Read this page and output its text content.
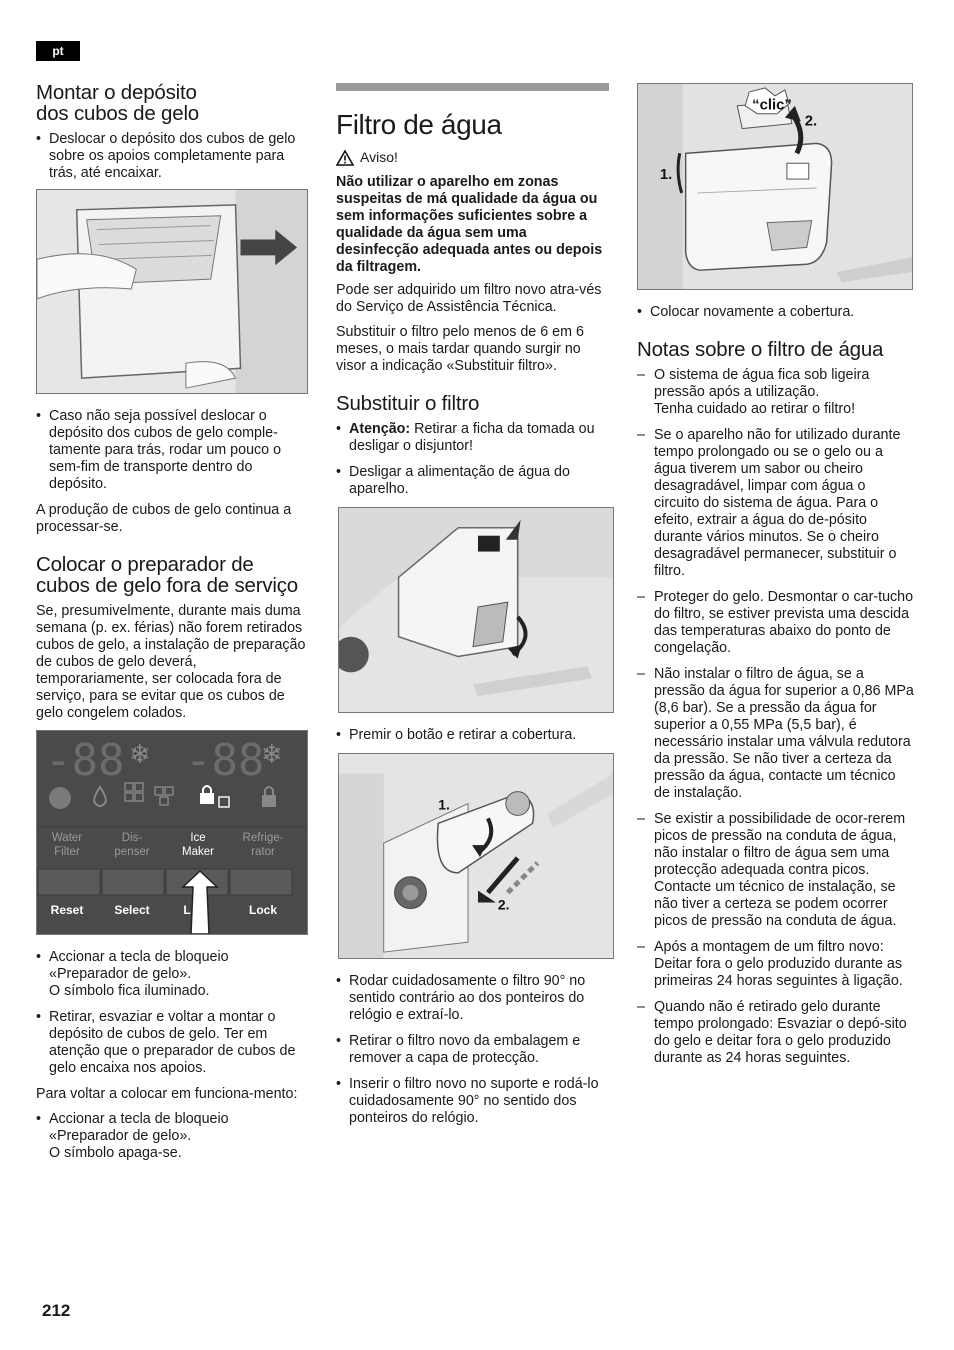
pt
Montar o depósito
dos cubos de gelo
• Deslocar o depósito dos cubos de gelo sobre os apoios completamente para trás, até encaixar.
• Caso não seja possível deslocar o depósito dos cubos de gelo comple-tamente para trás, rodar um pouco o sem-fim de transporte dentro do depósito.

A produção de cubos de gelo continua a processar-se.

Colocar o preparador de cubos de gelo fora de serviço

Se, presumivelmente, durante mais duma semana (p. ex. férias) não forem retirados cubos de gelo, a instalação de preparação de cubos de gelo deverá, temporariamente, ser colocada fora de serviço, para se evitar que os cubos de gelo congelem colados.

-88 ❄ -88
❄
Water
Filter
Dis-
penser
Ice
Maker
Refrige-
rator
Reset	Select	L	Lock
• Accionar a tecla de bloqueio «Preparador de gelo».
O símbolo fica iluminado.
• Retirar, esvaziar e voltar a montar o depósito de cubos de gelo. Ter em atenção que o preparador de cubos de gelo encaixa nos apoios.

Para voltar a colocar em funciona-mento:

• Accionar a tecla de bloqueio «Preparador de gelo».
O símbolo apaga-se.
Filtro de água
Aviso!

Não utilizar o aparelho em zonas suspeitas de má qualidade da água ou sem informações suficientes sobre a qualidade da água sem uma desinfecção adequada antes ou depois da filtragem.

Pode ser adquirido um filtro novo atra-vés do Serviço de Assistência Técnica.

Substituir o filtro pelo menos de 6 em 6 meses, o mais tardar quando surgir no visor a indicação «Substituir filtro».

Substituir o filtro
• Atenção: Retirar a ficha da tomada ou desligar o disjuntor!
• Desligar a alimentação de água do aparelho.
• Premir o botão e retirar a cobertura.
1.
2.
• Rodar cuidadosamente o filtro 90° no sentido contrário ao dos ponteiros do relógio e extraí-lo.
• Retirar o filtro novo da embalagem e remover a capa de protecção.
• Inserir o filtro novo no suporte e rodá-lo cuidadosamente 90° no sentido dos ponteiros do relógio.
“clic”
1.
2.
• Colocar novamente a cobertura.
Notas sobre o filtro de água
– O sistema de água fica sob ligeira pressão após a utilização.
Tenha cuidado ao retirar o filtro!
– Se o aparelho não for utilizado durante tempo prolongado ou se o gelo ou a água tiverem um sabor ou cheiro desagradável, limpar com água o circuito do sistema de água. Para o efeito, extrair a água do de-pósito durante vários minutos. Se o cheiro desagradável permanecer, substituir o filtro.
– Proteger do gelo. Desmontar o car-tucho do filtro, se estiver prevista uma descida das temperaturas abaixo do ponto de congelação.
– Não instalar o filtro de água, se a pressão da água for superior a 0,86 MPa (8,6 bar). Se a pressão da água for superior a 0,55 MPa (5,5 bar), é necessário instalar uma válvula redutora da pressão. Se não tiver a certeza da pressão da água, contacte um técnico de instalação.
– Se existir a possibilidade de ocor-rerem picos de pressão na conduta de água, não instalar o filtro de água sem uma protecção adequada contra picos. Contacte um técnico de instalação, se não tiver a certeza se podem ocorrer picos de pressão na conduta de água.
– Após a montagem de um filtro novo: Deitar fora o gelo produzido durante as primeiras 24 horas seguintes à ligação.
– Quando não é retirado gelo durante tempo prolongado: Esvaziar o depó-sito do gelo e deitar fora o gelo produzido durante as 24 horas seguintes.
212
